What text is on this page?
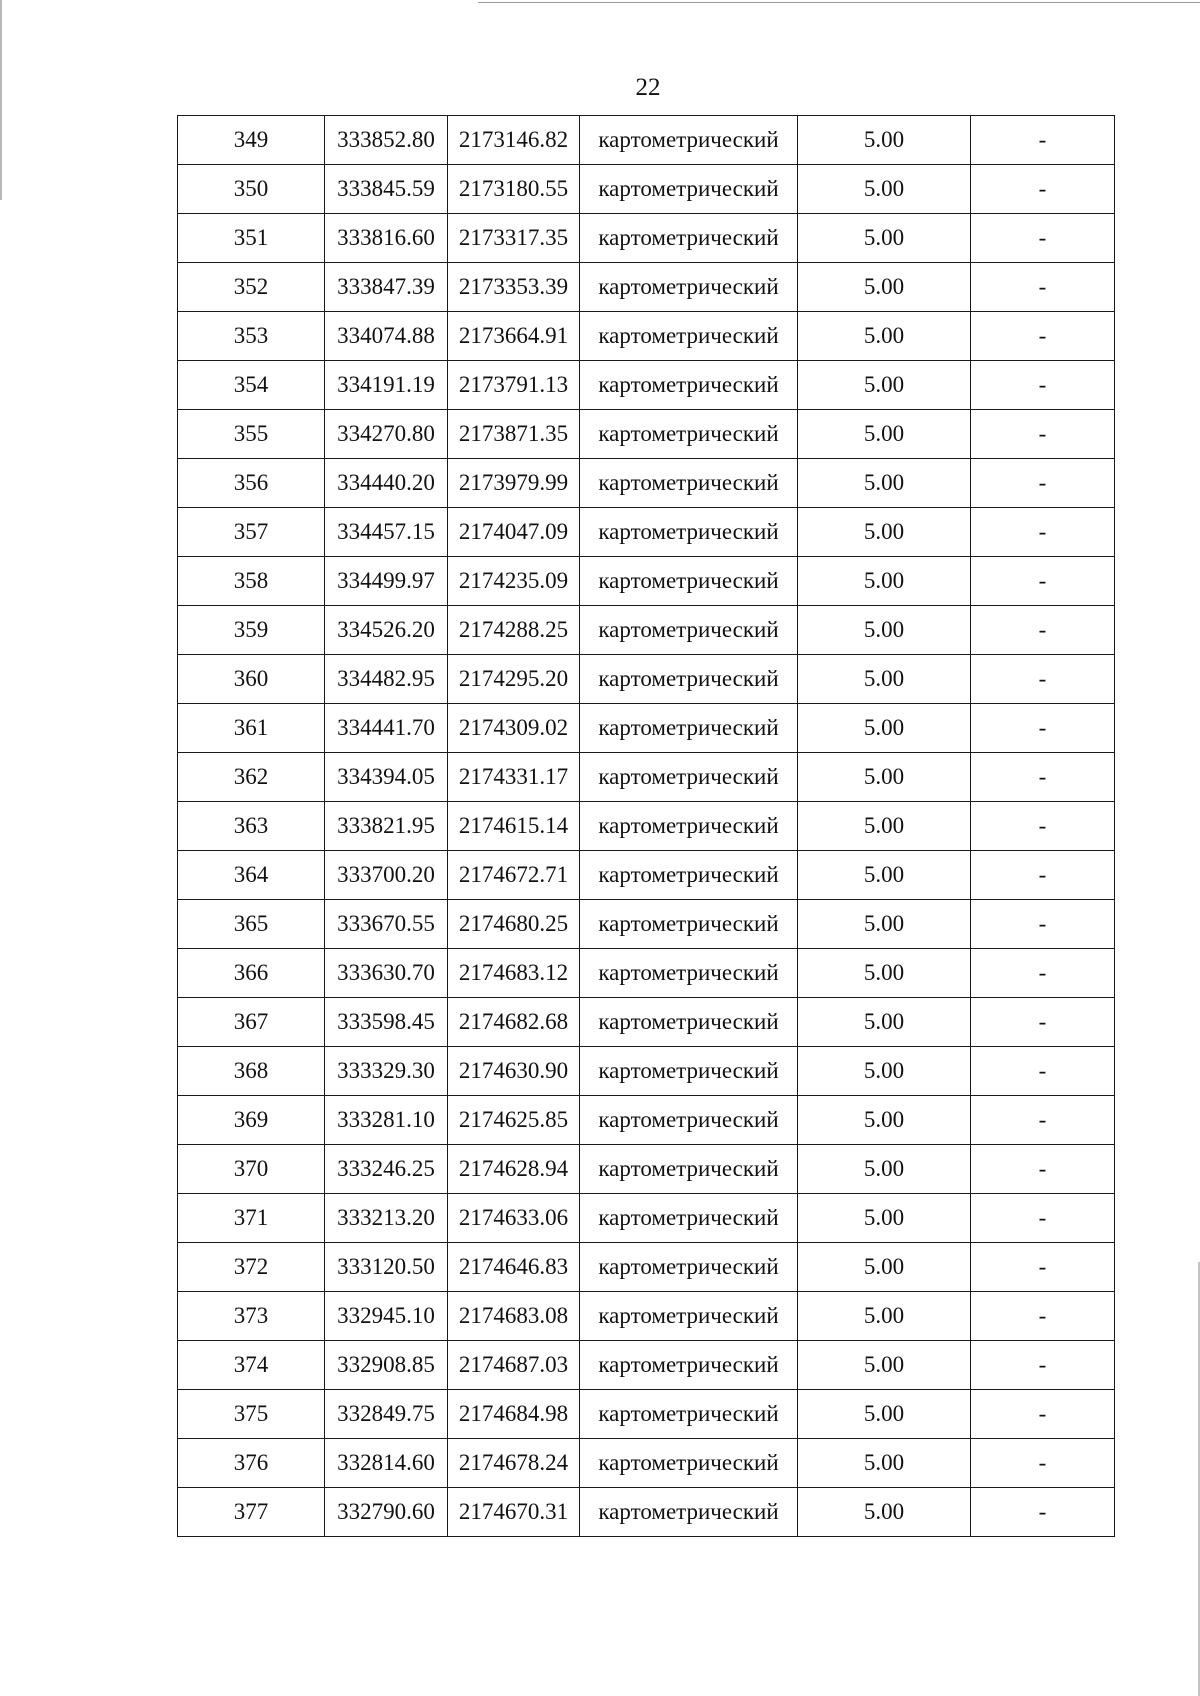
22
349	333852.80	2173146.82	картометрический	5.00	-
350	333845.59	2173180.55	картометрический	5.00	-
351	333816.60	2173317.35	картометрический	5.00	-
352	333847.39	2173353.39	картометрический	5.00	-
353	334074.88	2173664.91	картометрический	5.00	-
354	334191.19	2173791.13	картометрический	5.00	-
355	334270.80	2173871.35	картометрический	5.00	-
356	334440.20	2173979.99	картометрический	5.00	-
357	334457.15	2174047.09	картометрический	5.00	-
358	334499.97	2174235.09	картометрический	5.00	-
359	334526.20	2174288.25	картометрический	5.00	-
360	334482.95	2174295.20	картометрический	5.00	-
361	334441.70	2174309.02	картометрический	5.00	-
362	334394.05	2174331.17	картометрический	5.00	-
363	333821.95	2174615.14	картометрический	5.00	-
364	333700.20	2174672.71	картометрический	5.00	-
365	333670.55	2174680.25	картометрический	5.00	-
366	333630.70	2174683.12	картометрический	5.00	-
367	333598.45	2174682.68	картометрический	5.00	-
368	333329.30	2174630.90	картометрический	5.00	-
369	333281.10	2174625.85	картометрический	5.00	-
370	333246.25	2174628.94	картометрический	5.00	-
371	333213.20	2174633.06	картометрический	5.00	-
372	333120.50	2174646.83	картометрический	5.00	-
373	332945.10	2174683.08	картометрический	5.00	-
374	332908.85	2174687.03	картометрический	5.00	-
375	332849.75	2174684.98	картометрический	5.00	-
376	332814.60	2174678.24	картометрический	5.00	-
377	332790.60	2174670.31	картометрический	5.00	-
